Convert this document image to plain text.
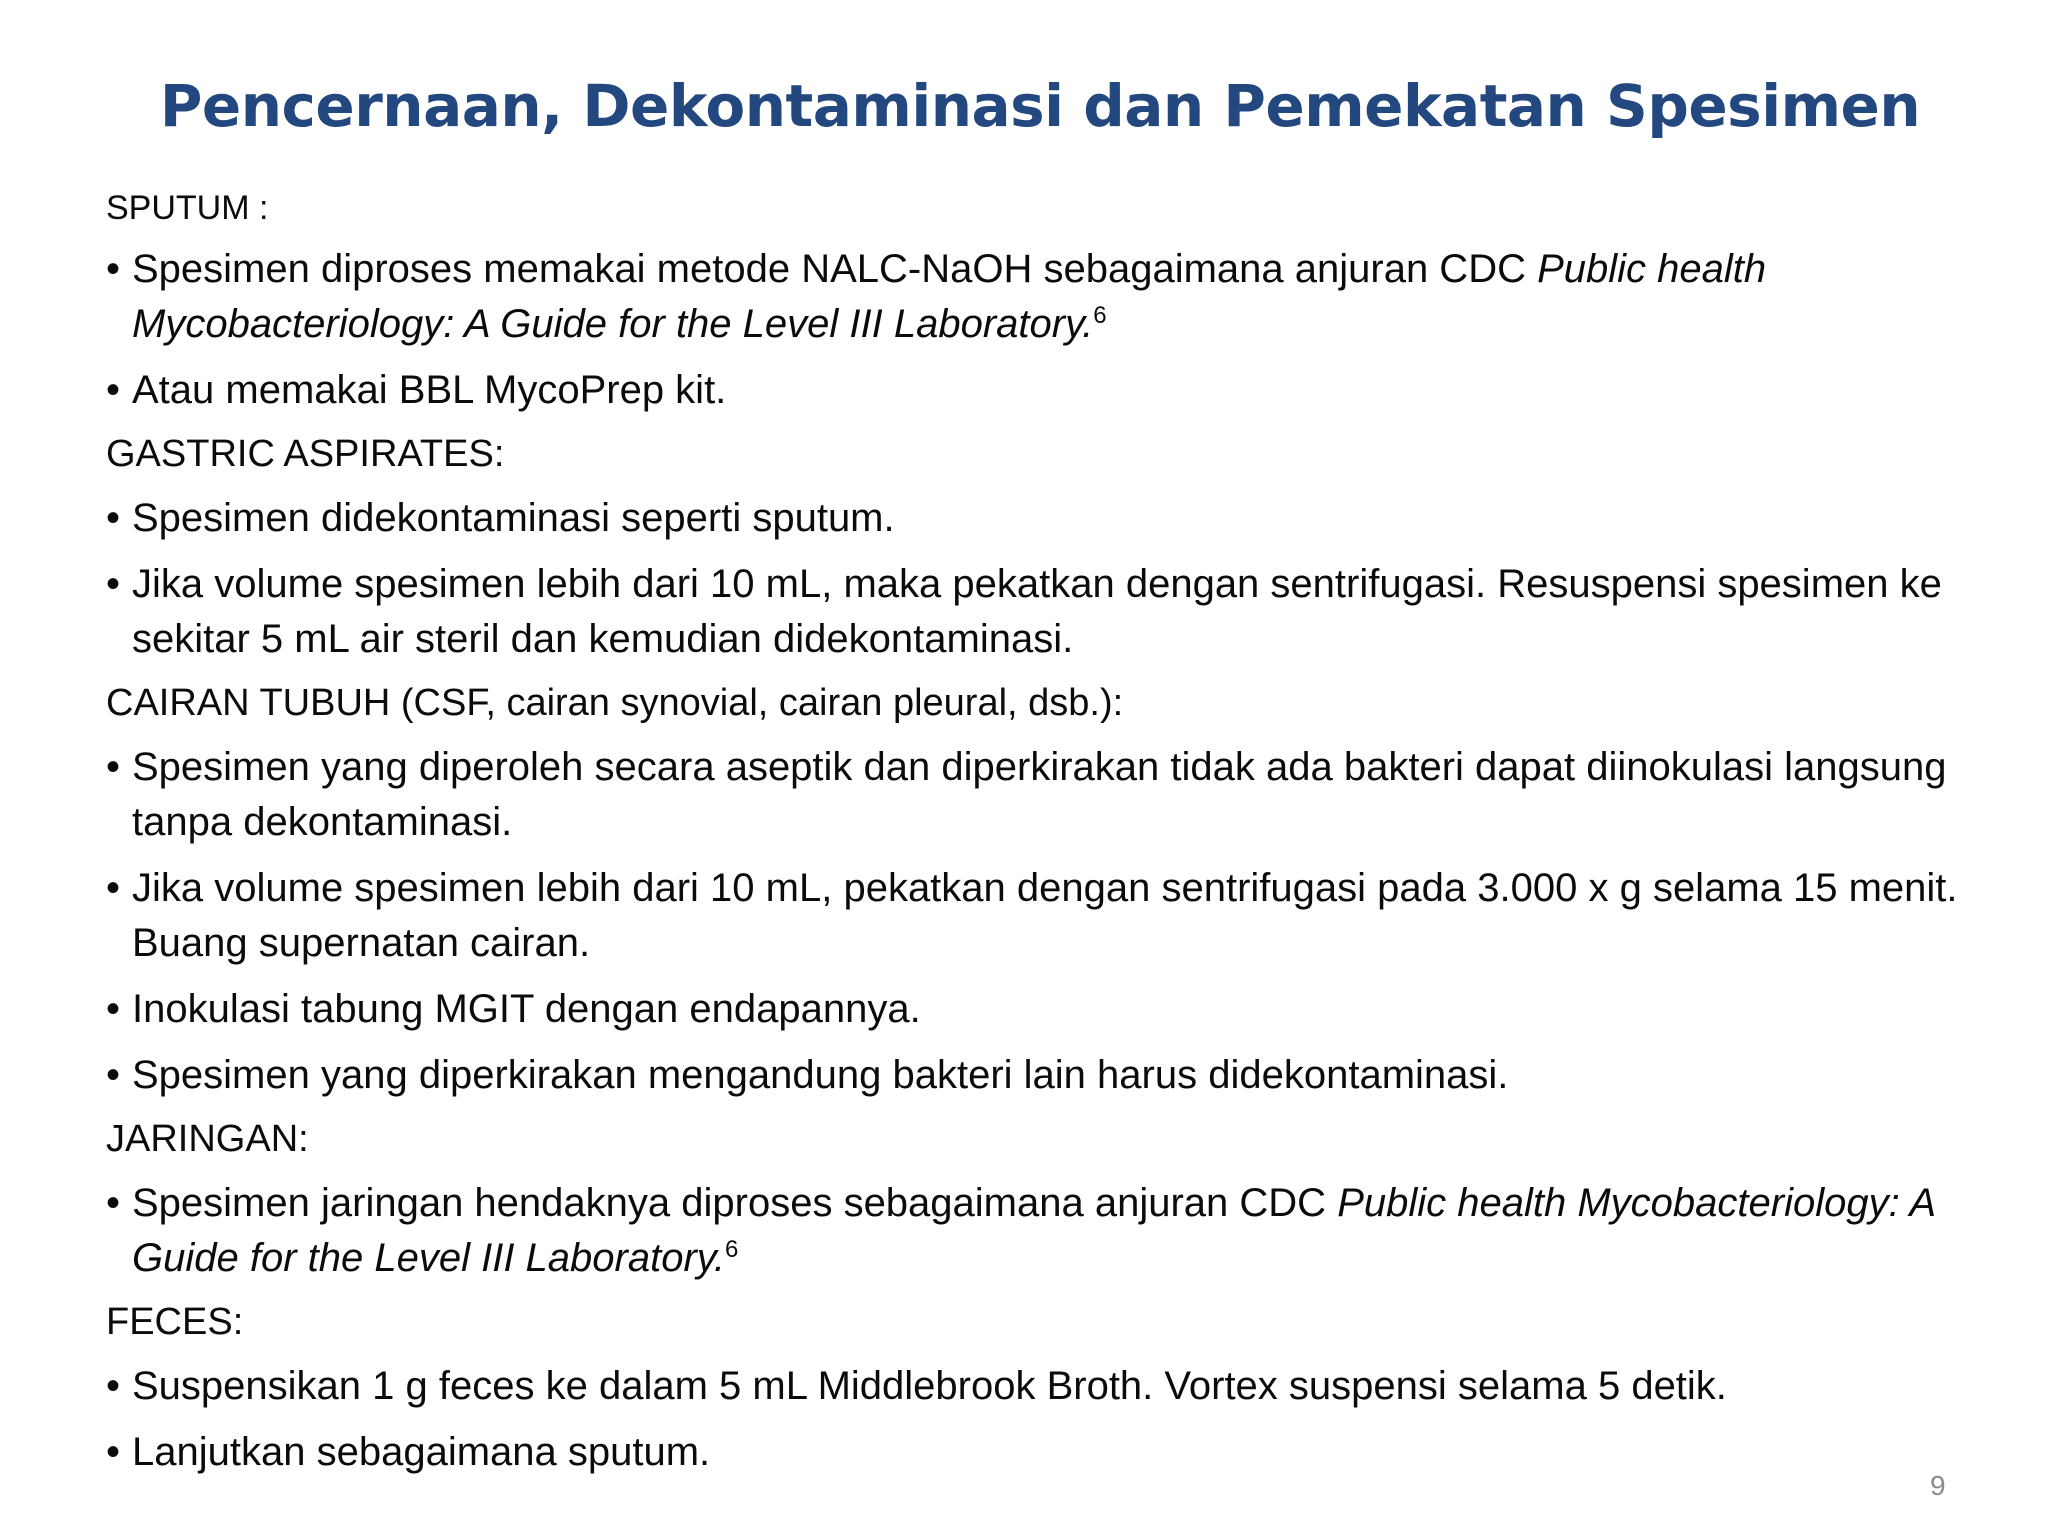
Pencernaan, Dekontaminasi dan Pemekatan Spesimen

SPUTUM :

• Spesimen diproses memakai metode NALC-NaOH sebagaimana anjuran CDC Public health Mycobacteriology: A Guide for the Level III Laboratory.$^6$
• Atau memakai BBL MycoPrep kit.

GASTRIC ASPIRATES:

• Spesimen didekontaminasi seperti sputum.
• Jika volume spesimen lebih dari 10 mL, maka pekatkan dengan sentrifugasi. Resuspensi spesimen ke sekitar 5 mL air steril dan kemudian didekontaminasi.

CAIRAN TUBUH (CSF, cairan synovial, cairan pleural, dsb.):

• Spesimen yang diperoleh secara aseptik dan diperkirakan tidak ada bakteri dapat diinokulasi langsung tanpa dekontaminasi.
• Jika volume spesimen lebih dari 10 mL, pekatkan dengan sentrifugasi pada 3.000 x g selama 15 menit. Buang supernatan cairan.
• Inokulasi tabung MGIT dengan endapannya.
• Spesimen yang diperkirakan mengandung bakteri lain harus didekontaminasi.

JARINGAN:

• Spesimen jaringan hendaknya diproses sebagaimana anjuran CDC Public health Mycobacteriology: A Guide for the Level III Laboratory.$^6$

FECES:

• Suspensikan 1 g feces ke dalam 5 mL Middlebrook Broth. Vortex suspensi selama 5 detik.
• Lanjutkan sebagaimana sputum.
9
